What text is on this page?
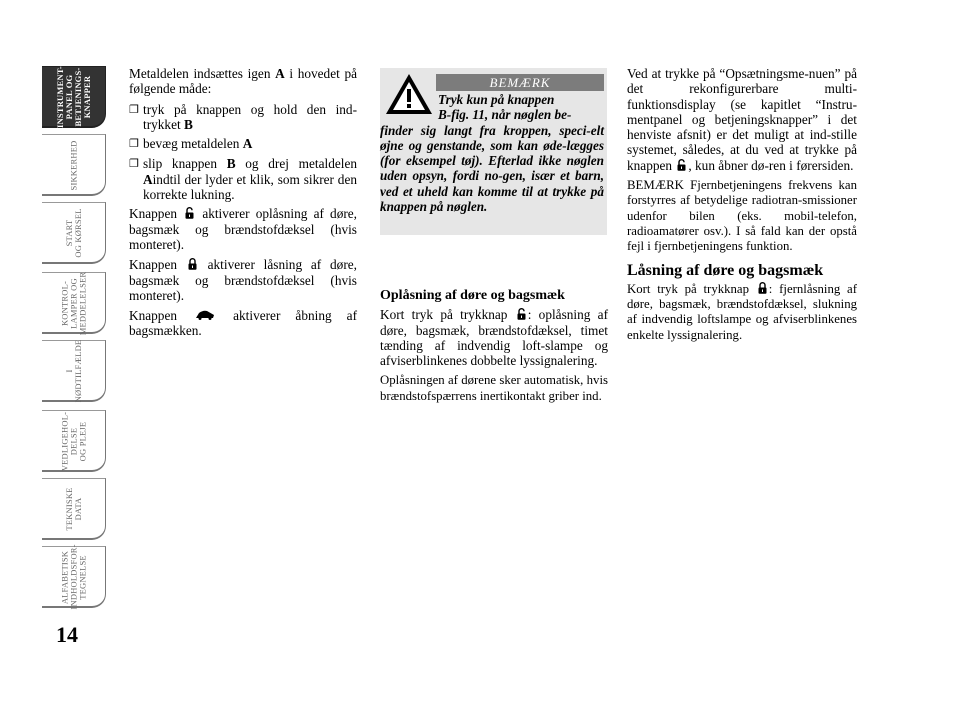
INSTRUMENT-
PANEL OG
BETJENINGS-
KNAPPER
SIKKERHED
START
OG KØRSEL
KONTROL-
LAMPER OG
MEDDELELSER
I
NØDTILFÆLDE
VEDLIGEHOL-
DELSE
OG PLEJE
TEKNISKE
DATA
ALFABETISK
INDHOLDSFOR-
TEGNELSE
14

Metaldelen indsættes igen A i hovedet på følgende måde:

❐ tryk på knappen og hold den ind-trykket B
❐ bevæg metaldelen A
❐ slip knappen B og drej metaldelen Aindtil der lyder et klik, som sikrer den korrekte lukning.

Knappen aktiverer oplåsning af døre, bagsmæk og brændstofdæksel (hvis monteret).

Knappen aktiverer låsning af døre, bagsmæk og brændstofdæksel (hvis monteret).

Knappen	aktiverer åbning af bagsmækken.

BEMÆRK
Tryk kun på knappen
B-fig. 11, når nøglen be-
finder sig langt fra kroppen, speci-elt øjne og genstande, som kan øde-lægges (for eksempel tøj). Efterlad ikke nøglen uden opsyn, fordi no-gen, især et barn, ved et uheld kan komme til at trykke på knappen på nøglen.
Oplåsning af døre og bagsmæk

Kort tryk på trykknap : oplåsning af døre, bagsmæk, brændstofdæksel, timet tænding af indvendig loft-slampe og afviserblinkenes dobbelte lyssignalering.

Oplåsningen af dørene sker automatisk, hvis brændstofspærrens inertikontakt griber ind.

Ved at trykke på “Opsætningsme-nuen” på det rekonfigurerbare multi-funktionsdisplay (se kapitlet “Instru-mentpanel og betjeningsknapper” i det henviste afsnit) er det muligt at ind-stille systemet, således, at du ved at trykke på knappen , kun åbner dø-ren i førersiden.

BEMÆRK Fjernbetjeningens frekvens kan forstyrres af betydelige radiotran-smissioner udenfor bilen (eks. mobil-telefon, radioamatører osv.). I så fald kan der opstå fejl i fjernbetjeningens funktion.

Låsning af døre og bagsmæk

Kort tryk på trykknap : fjernlåsning af døre, bagsmæk, brændstofdæksel, slukning af indvendig loftslampe og afviserblinkenes enkelte lyssignalering.
